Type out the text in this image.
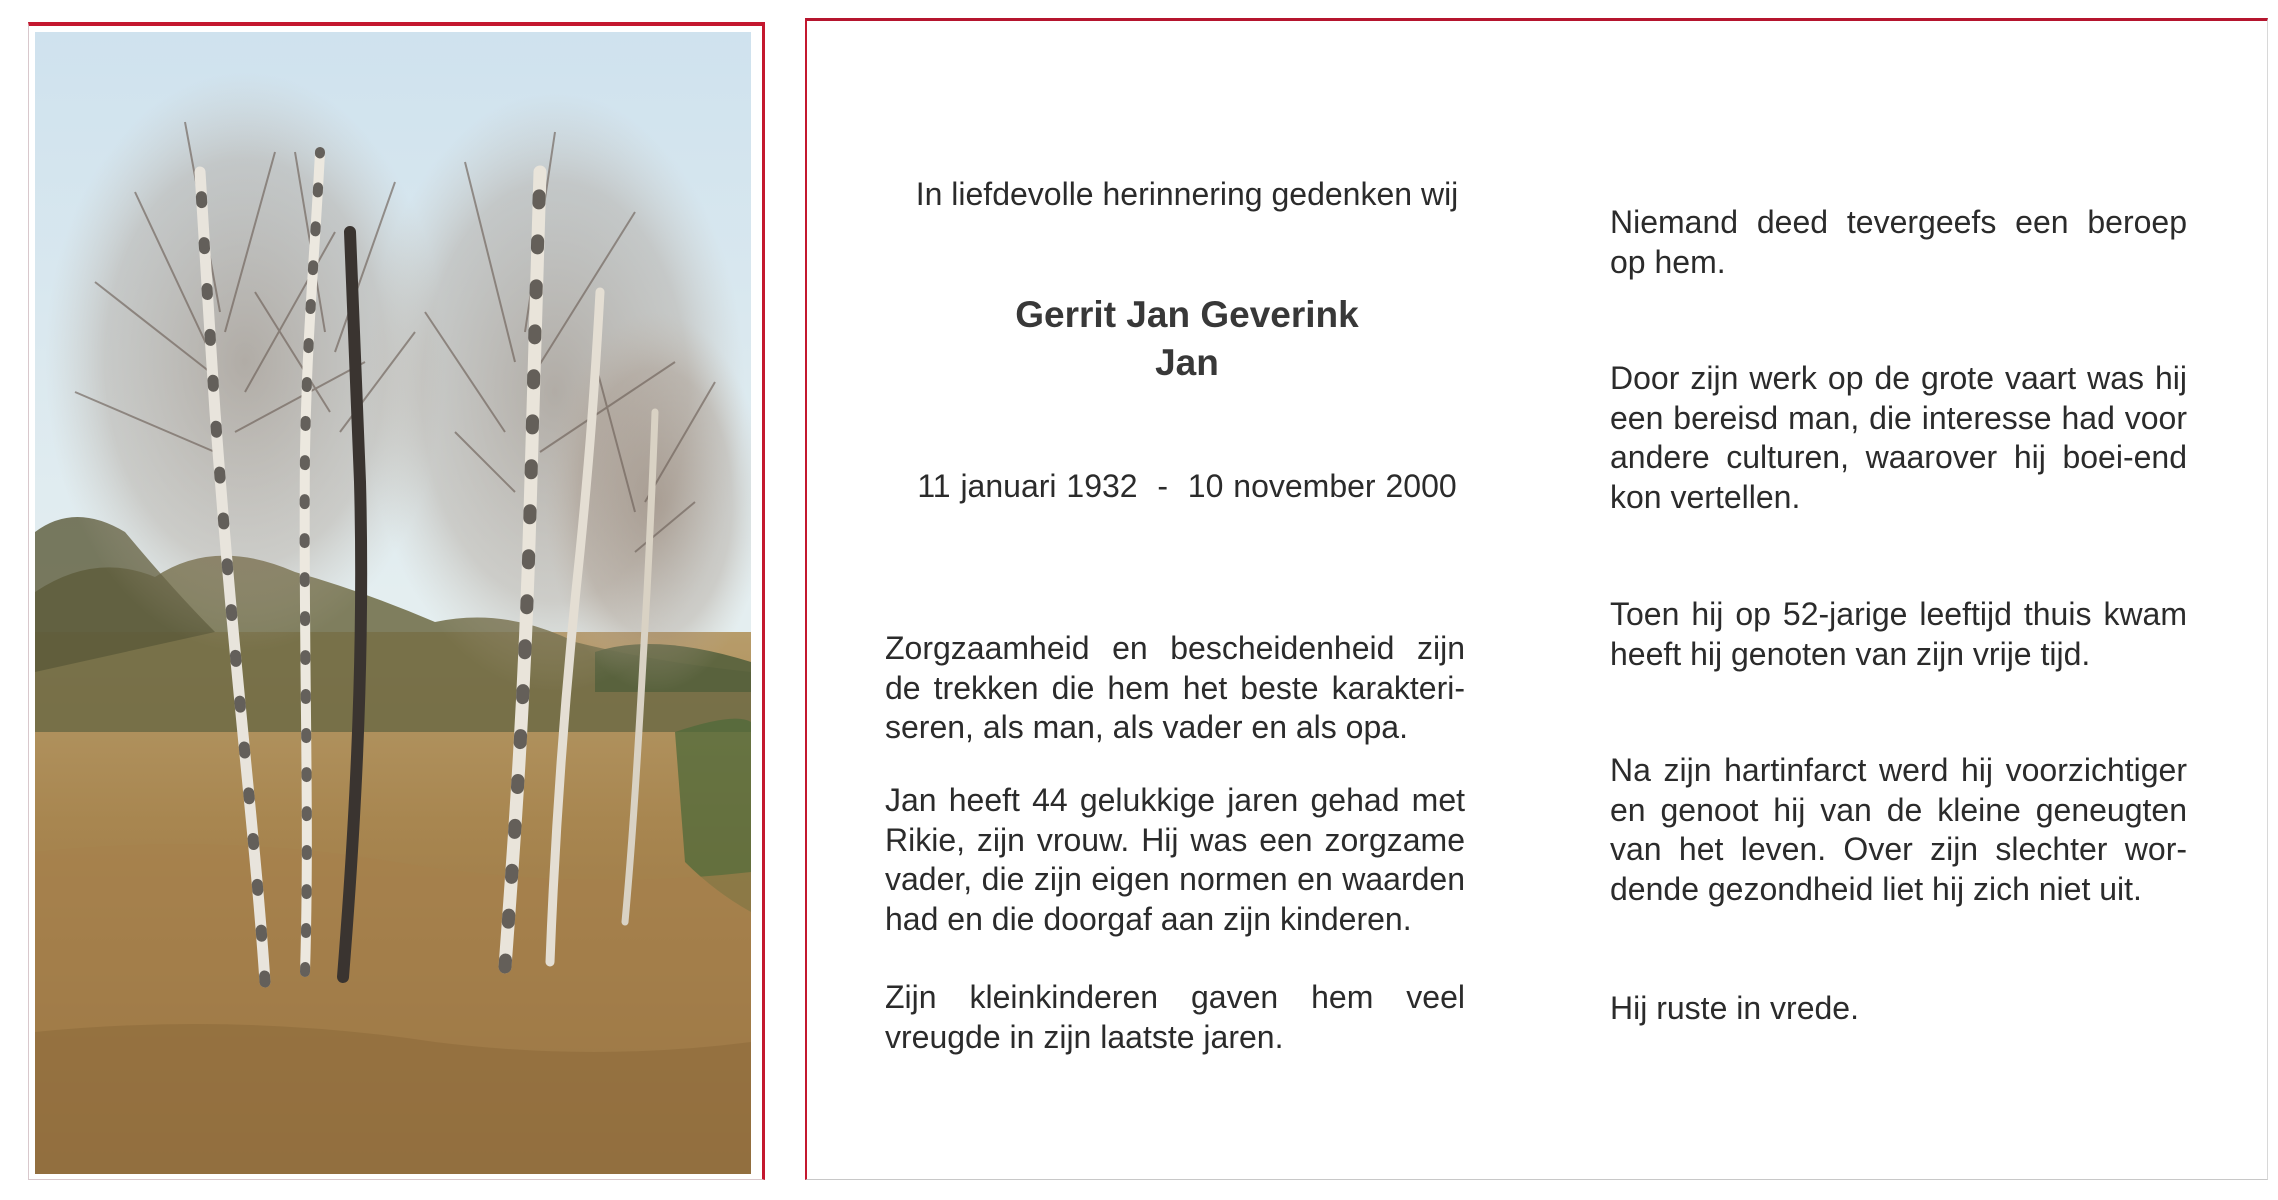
In liefdevolle herinnering gedenken wij

Gerrit Jan Geverink

Jan

11 januari 1932  -  10 november 2000

Zorgzaamheid en bescheidenheid zijn de trekken die hem het beste karakteri-seren, als man, als vader en als opa.

Jan heeft 44 gelukkige jaren gehad met Rikie, zijn vrouw. Hij was een zorgzame vader, die zijn eigen normen en waarden had en die doorgaf aan zijn kinderen.

Zijn kleinkinderen gaven hem veel vreugde in zijn laatste jaren.

Niemand deed tevergeefs een beroep op hem.

Door zijn werk op de grote vaart was hij een bereisd man, die interesse had voor andere culturen, waarover hij boei-end kon vertellen.

Toen hij op 52-jarige leeftijd thuis kwam heeft hij genoten van zijn vrije tijd.

Na zijn hartinfarct werd hij voorzichtiger en genoot hij van de kleine geneugten van het leven. Over zijn slechter wor-dende gezondheid liet hij zich niet uit.

Hij ruste in vrede.
